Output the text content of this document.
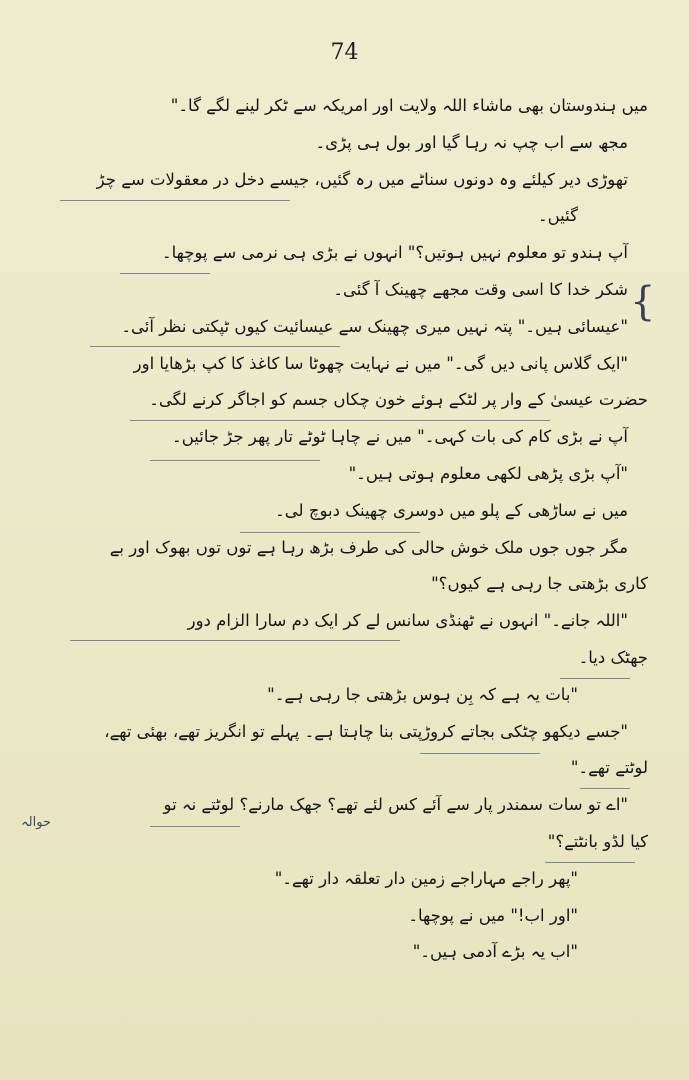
74
{
میں ہندوستان بھی ماشاء اللہ ولایت اور امریکہ سے ٹکر لینے لگے گا۔"
مجھ سے اب چپ نہ رہا گیا اور بول ہی پڑی۔
تھوڑی دیر کیلئے وہ دونوں سناٹے میں رہ گئیں، جیسے دخل در معقولات سے چڑ
گئیں۔
آپ ہندو تو معلوم نہیں ہوتیں؟" انہوں نے بڑی ہی نرمی سے پوچھا۔
شکر خدا کا اسی وقت مجھے چھینک آ گئی۔
"عیسائی ہیں۔" پتہ نہیں میری چھینک سے عیسائیت کیوں ٹپکتی نظر آئی۔
"ایک گلاس پانی دیں گی۔" میں نے نہایت چھوٹا سا کاغذ کا کپ بڑھایا اور
حضرت عیسیٰ کے وار پر لٹکے ہوئے خون چکاں جسم کو اجاگر کرنے لگی۔
آپ نے بڑی کام کی بات کہی۔" میں نے چاہا ٹوٹے تار پھر جڑ جائیں۔
"آپ بڑی پڑھی لکھی معلوم ہوتی ہیں۔"
میں نے ساڑھی کے پلو میں دوسری چھینک دبوچ لی۔
مگر جوں جوں ملک خوش حالی کی طرف بڑھ رہا ہے توں توں بھوک اور بے
کاری بڑھتی جا رہی ہے کیوں؟"
"اللہ جانے۔" انہوں نے ٹھنڈی سانس لے کر ایک دم سارا الزام دور
جھٹک دیا۔
"بات یہ ہے کہ بِن ہوس بڑھتی جا رہی ہے۔"
"جسے دیکھو چٹکی بجاتے کروڑپتی بنا چاہتا ہے۔ پہلے تو انگریز تھے، بھئی تھے،
لوٹتے تھے۔"
"اے تو سات سمندر پار سے آئے کس لئے تھے؟ جھک مارنے؟ لوٹتے نہ تو
کیا لڈو بانٹتے؟"
"پھر راجے مہاراجے زمین دار تعلقہ دار تھے۔"
"اور اب!" میں نے پوچھا۔
"اب یہ بڑے آدمی ہیں۔"
حوالہ
